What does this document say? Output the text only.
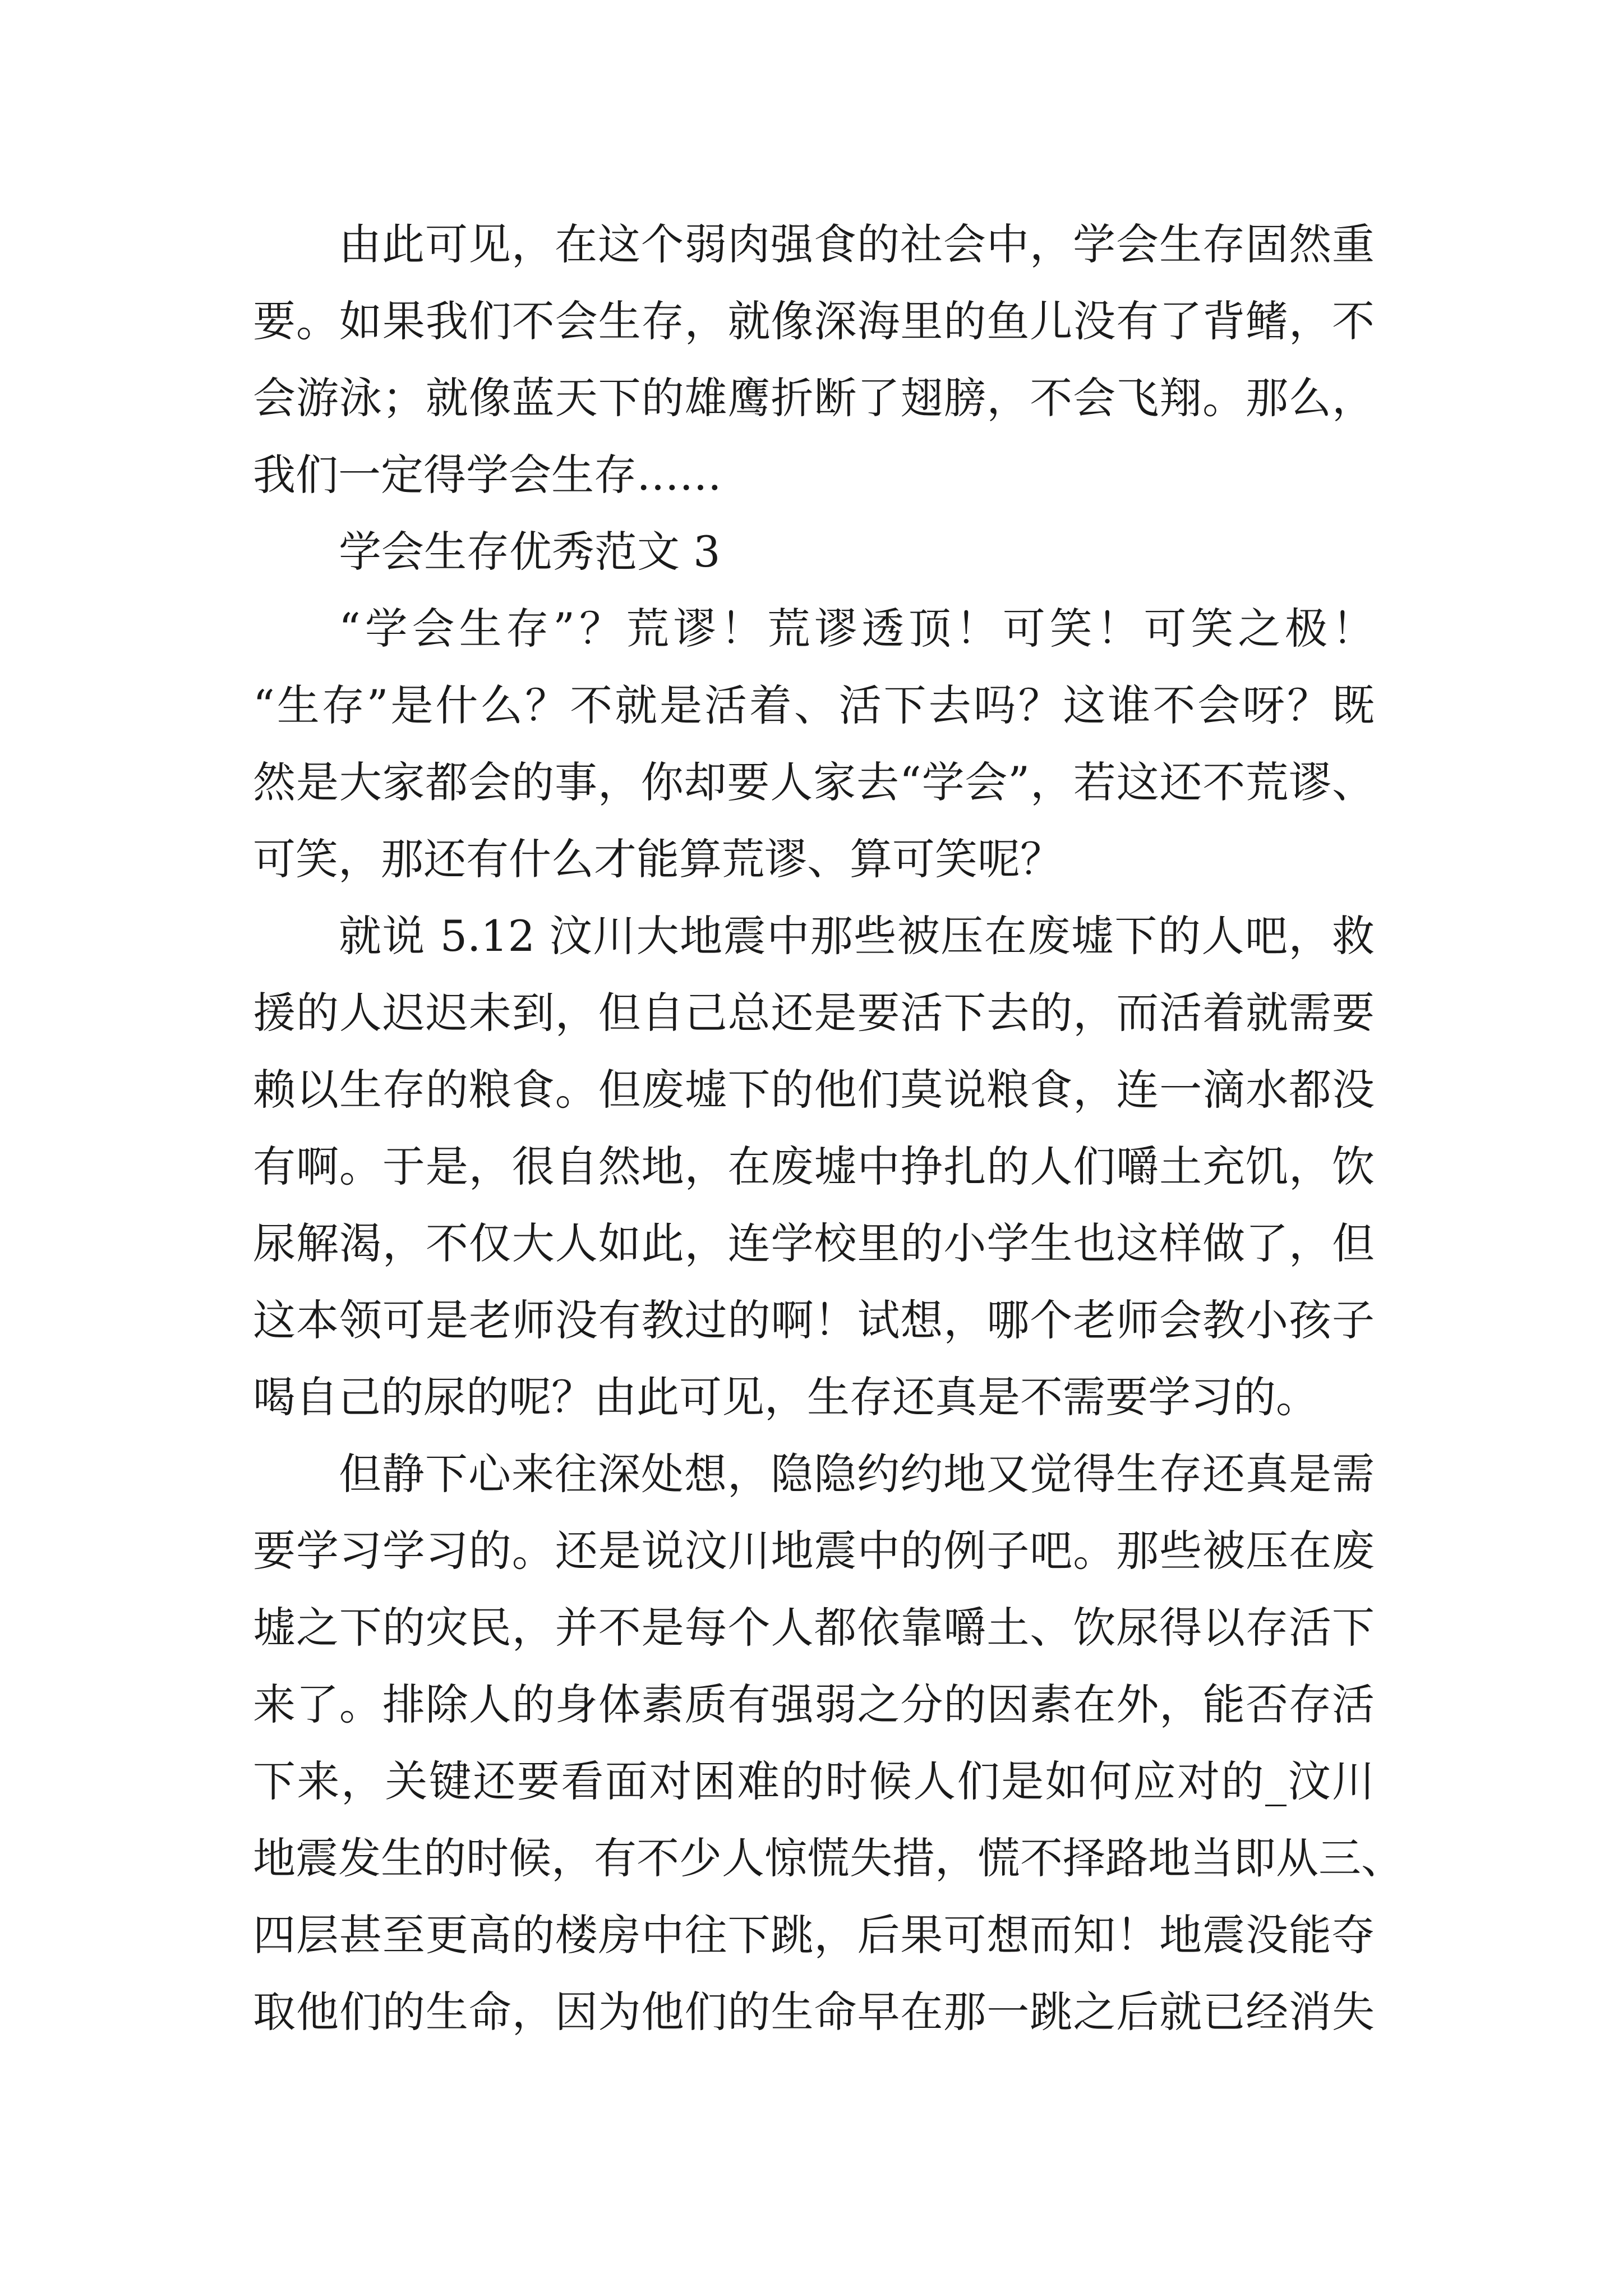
由此可见，在这个弱肉强食的社会中，学会生存固然重
要。如果我们不会生存，就像深海里的鱼儿没有了背鳍，不
会游泳；就像蓝天下的雄鹰折断了翅膀，不会飞翔。那么，
我们一定得学会生存……
学会生存优秀范文 3
“学会生存”？荒谬！荒谬透顶！可笑！可笑之极！
“生存”是什么？不就是活着、活下去吗？这谁不会呀？既
然是大家都会的事，你却要人家去“学会”，若这还不荒谬、
可笑，那还有什么才能算荒谬、算可笑呢？
就说 5.12 汶川大地震中那些被压在废墟下的人吧，救
援的人迟迟未到，但自己总还是要活下去的，而活着就需要
赖以生存的粮食。但废墟下的他们莫说粮食，连一滴水都没
有啊。于是，很自然地，在废墟中挣扎的人们嚼土充饥，饮
尿解渴，不仅大人如此，连学校里的小学生也这样做了，但
这本领可是老师没有教过的啊！试想，哪个老师会教小孩子
喝自己的尿的呢？由此可见，生存还真是不需要学习的。
但静下心来往深处想，隐隐约约地又觉得生存还真是需
要学习学习的。还是说汶川地震中的例子吧。那些被压在废
墟之下的灾民，并不是每个人都依靠嚼土、饮尿得以存活下
来了。排除人的身体素质有强弱之分的因素在外，能否存活
下来，关键还要看面对困难的时候人们是如何应对的_汶川
地震发生的时候，有不少人惊慌失措，慌不择路地当即从三、
四层甚至更高的楼房中往下跳，后果可想而知！地震没能夺
取他们的生命，因为他们的生命早在那一跳之后就已经消失
